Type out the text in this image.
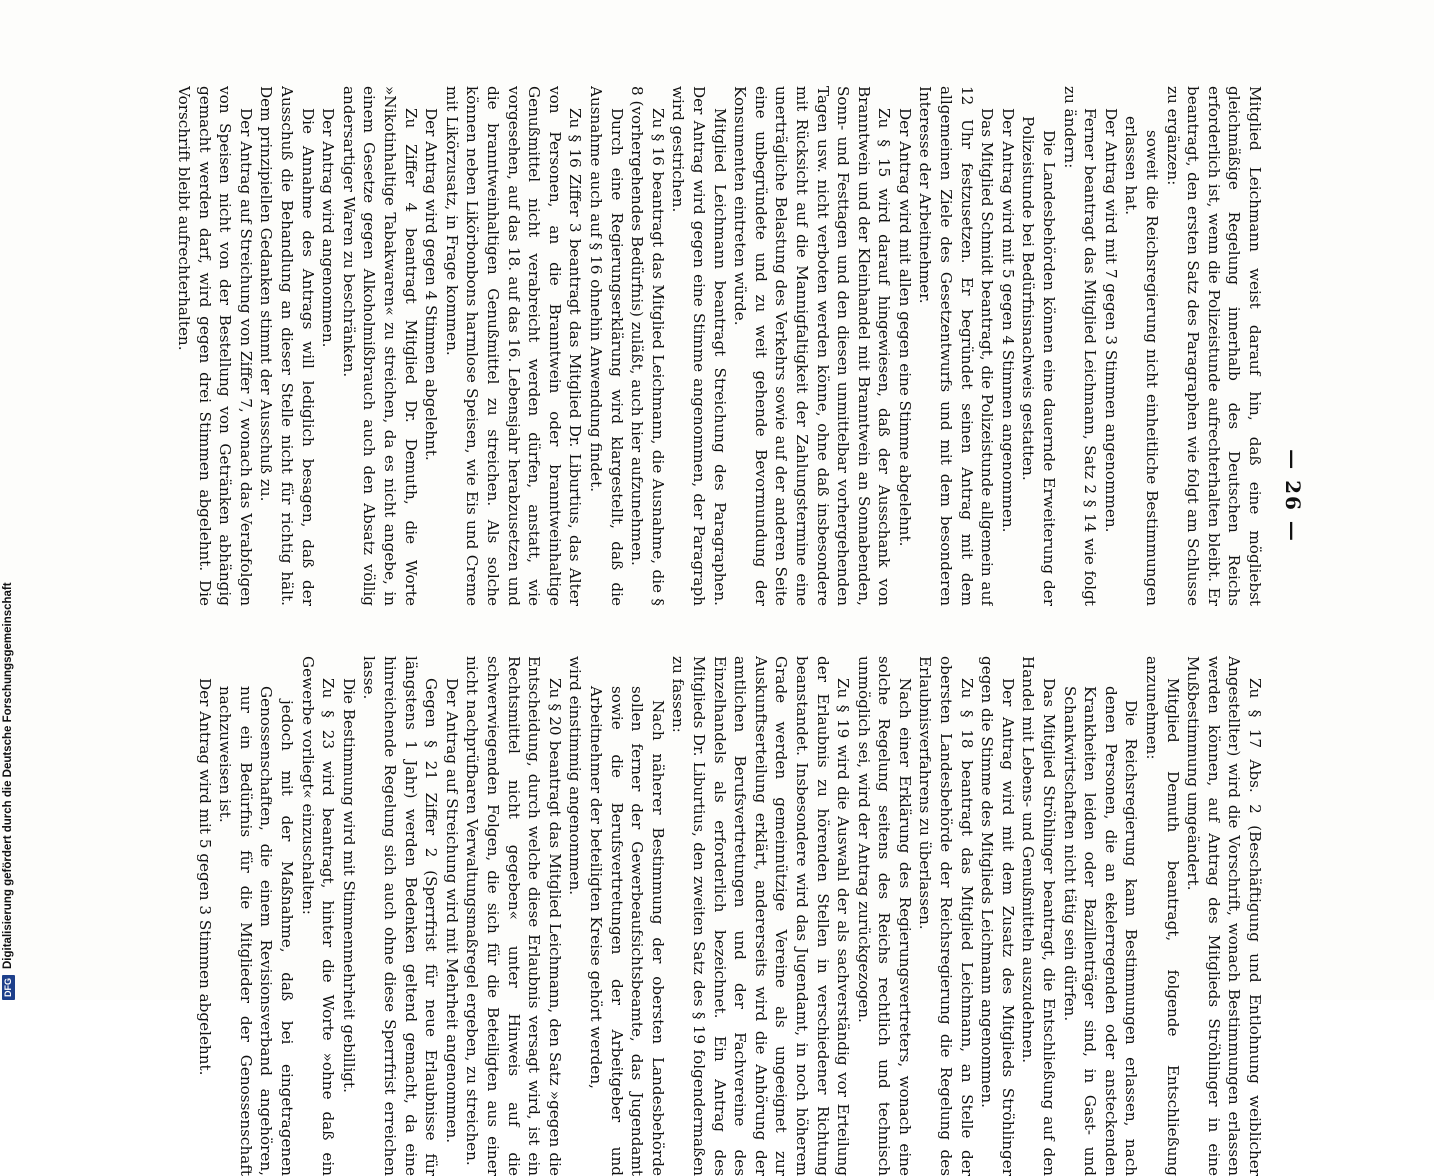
— 26 —

Mitglied Leichmann weist darauf hin, daß eine mögliebst gleichmäßige Regelung innerhalb des Deutschen Reichs erforderlich ist, wenn die Polizeistunde aufrechterhalten bleibt. Er beantragt, den ersten Satz des Paragraphen wie folgt am Schlusse zu ergänzen:

soweit die Reichsregierung nicht einheitliche Bestimmungen erlassen hat.

Der Antrag wird mit 7 gegen 3 Stimmen angenommen.

Ferner beantragt das Mitglied Leichmann, Satz 2 § 14 wie folgt zu ändern:

Die Landesbehörden können eine dauernde Erweiterung der Polizeistunde bei Bedürfnisnachweis gestatten.

Der Antrag wird mit 5 gegen 4 Stimmen angenommen.

Das Mitglied Schmidt beantragt, die Polizeistunde allgemein auf 12 Uhr festzusetzen. Er begründet seinen Antrag mit dem allgemeinen Ziele des Gesetzentwurfs und mit dem besonderen Interesse der Arbeitnehmer.

Der Antrag wird mit allen gegen eine Stimme abgelehnt.

Zu § 15 wird darauf hingewiesen, daß der Ausschank von Branntwein und der Kleinhandel mit Branntwein an Sonnabenden, Sonn- und Festtagen und den diesen unmittelbar vorhergehenden Tagen usw. nicht verboten werden könne, ohne daß insbesondere mit Rücksicht auf die Mannigfaltigkeit der Zahlungstermine eine unerträgliche Belastung des Verkehrs sowie auf der anderen Seite eine unbegründete und zu weit gehende Bevormundung der Konsumenten eintreten würde.

Mitglied Leichmann beantragt Streichung des Paragraphen. Der Antrag wird gegen eine Stimme angenommen, der Paragraph wird gestrichen.

Zu § 16 beantragt das Mitglied Leichmann, die Ausnahme, die § 8 (vorhergehendes Bedürfnis) zuläßt, auch hier aufzunehmen.

Durch eine Regierungserklärung wird klargestellt, daß die Ausnahme auch auf § 16 ohnehin Anwendung findet.

Zu § 16 Ziffer 3 beantragt das Mitglied Dr. Liburtius, das Alter von Personen, an die Branntwein oder branntweinhaltige Genußmittel nicht verabreicht werden dürfen, anstatt, wie vorgesehen, auf das 18. auf das 16. Lebensjahr herabzusetzen und die branntweinhaltigen Genußmittel zu streichen. Als solche können neben Likörbonbons harmlose Speisen, wie Eis und Creme mit Likörzusatz, in Frage kommen.

Der Antrag wird gegen 4 Stimmen abgelehnt.

Zu Ziffer 4 beantragt Mitglied Dr. Demuth, die Worte »Nikotinhaltige Tabakwaren« zu streichen, da es nicht angebe, in einem Gesetze gegen Alkoholmißbrauch auch den Absatz völlig andersartiger Waren zu beschränken.

Der Antrag wird angenommen.

Die Annahme des Antrags will lediglich besagen, daß der Ausschuß die Behandlung an dieser Stelle nicht für richtig hält. Dem prinzipiellen Gedanken stimmt der Ausschuß zu.

Der Antrag auf Streichung von Ziffer 7, wonach das Verabfolgen von Speisen nicht von der Bestellung von Getränken abhängig gemacht werden darf, wird gegen drei Stimmen abgelehnt. Die Vorschrift bleibt aufrechterhalten.

Zu § 17 Abs. 2 (Beschäftigung und Entlohnung weiblicher Angestellter) wird die Vorschrift, wonach Bestimmungen erlassen werden können, auf Antrag des Mitglieds Ströhlinger in eine Mußbestimmung umgeändert.

Mitglied Demuth beantragt, folgende Entschließung anzunehmen:

Die Reichsregierung kann Bestimmungen erlassen, nach denen Personen, die an ekelerregenden oder ansteckenden Krankheiten leiden oder Bazillenträger sind, in Gast- und Schankwirtschaften nicht tätig sein dürfen.

Das Mitglied Ströhlinger beantragt, die Entschließung auf den Handel mit Lebens- und Genußmitteln auszudehnen.

Der Antrag wird mit dem Zusatz des Mitglieds Ströhlinger gegen die Stimme des Mitglieds Leichmann angenommen.

Zu § 18 beantragt das Mitglied Leichmann, an Stelle der obersten Landesbehörde der Reichsregierung die Regelung des Erlaubnisverfahrens zu überlassen.

Nach einer Erklärung des Regierungsvertreters, wonach eine solche Regelung seitens des Reichs rechtlich und technisch unmöglich sei, wird der Antrag zurückgezogen.

Zu § 19 wird die Auswahl der als sachverständig vor Erteilung der Erlaubnis zu hörenden Stellen in verschiedener Richtung beanstandet. Insbesondere wird das Jugendamt, in noch höherem Grade werden gemeinnützige Vereine als ungeeignet zur Auskunftserteilung erklärt, andererseits wird die Anhörung der amtlichen Berufsvertretungen und der Fachvereine des Einzelhandels als erforderlich bezeichnet. Ein Antrag des Mitglieds Dr. Liburtius, den zweiten Satz des § 19 folgendermaßen zu fassen:

Nach näherer Bestimmung der obersten Landesbehörde sollen ferner der Gewerbeaufsichtsbeamte, das Jugendamt sowie die Berufsvertretungen der Arbeitgeber und Arbeitnehmer der beteiligten Kreise gehört werden,

wird einstimmig angenommen.

Zu § 20 beantragt das Mitglied Leichmann, den Satz »gegen die Entscheidung, durch welche diese Erlaubnis versagt wird, ist ein Rechtsmittel nicht gegeben« unter Hinweis auf die schwerwiegenden Folgen, die sich für die Beteiligten aus einer nicht nachprüfbaren Verwaltungsmaßregel ergeben, zu streichen.

Der Antrag auf Streichung wird mit Mehrheit angenommen.

Gegen § 21 Ziffer 2 (Sperrfrist für neue Erlaubnisse für längstens 1 Jahr) werden Bedenken geltend gemacht, da eine hinreichende Regelung sich auch ohne diese Sperrfrist erreichen lasse.

Die Bestimmung wird mit Stimmenmehrheit gebilligt.

Zu § 23 wird beantragt, hinter die Worte »ohne daß ein Gewerbe vorliegt« einzuschalten:

jedoch mit der Maßnahme, daß bei eingetragenen Genossenschaften, die einem Revisionsverband angehören, nur ein Bedürfnis für die Mitglieder der Genossenschaft nachzuweisen ist.

Der Antrag wird mit 5 gegen 3 Stimmen abgelehnt.

DFG
Digitalisierung gefördert durch die Deutsche Forschungsgemeinschaft
